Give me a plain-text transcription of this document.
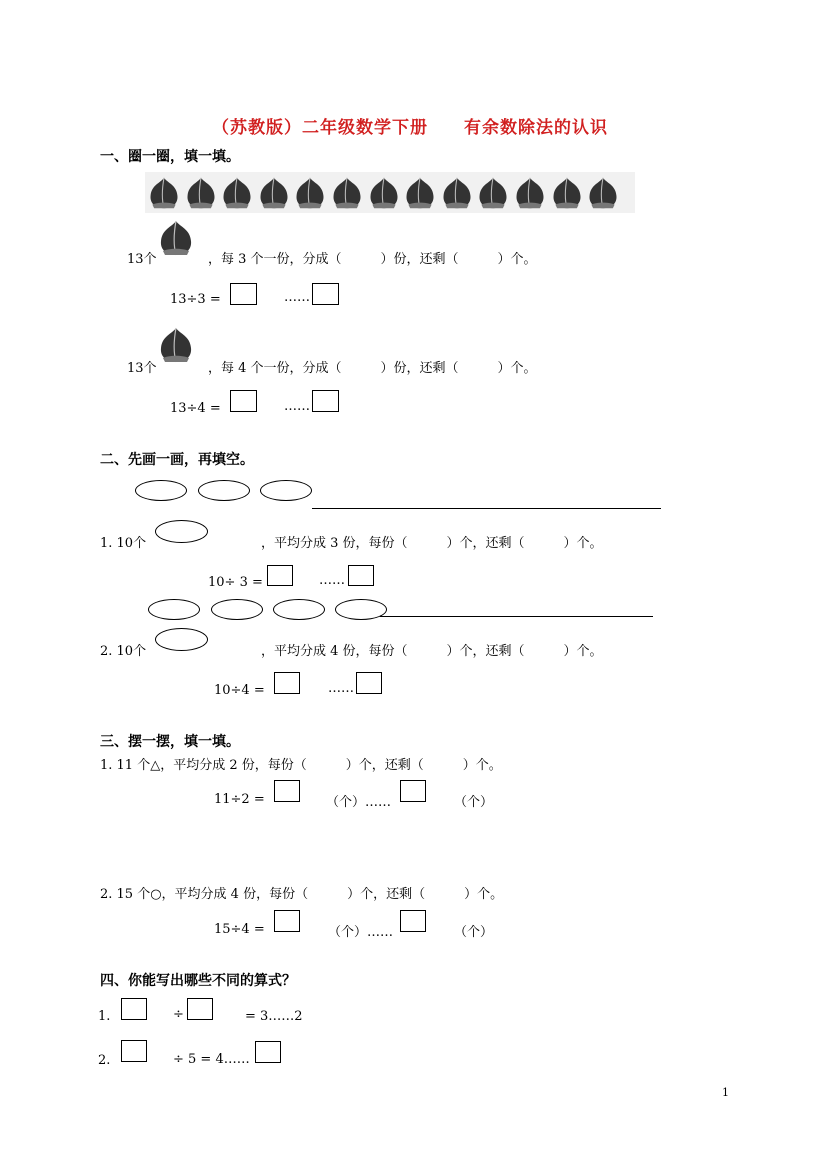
（苏教版）二年级数学下册　　有余数除法的认识
一、圈一圈，填一填。
13个	，每 3 个一份，分成（　　　）份，还剩（　　　）个。
13÷3 =	……
13个	，每 4 个一份，分成（　　　）份，还剩（　　　）个。
13÷4 =	……
二、先画一画，再填空。
1. 10个	，平均分成 3 份，每份（　　　）个，还剩（　　　）个。
10÷ 3 =	……
2. 10个	，平均分成 4 份，每份（　　　）个，还剩（　　　）个。
10÷4 =	……
三、摆一摆，填一填。
1. 11 个△，平均分成 2 份，每份（　　　）个，还剩（　　　）个。
11÷2 =	（个）……	（个）
2. 15 个○，平均分成 4 份，每份（　　　）个，还剩（　　　）个。
15÷4 =	（个）……	（个）
四、你能写出哪些不同的算式？
1.	÷	= 3……2
2.	÷ 5 = 4……
1
